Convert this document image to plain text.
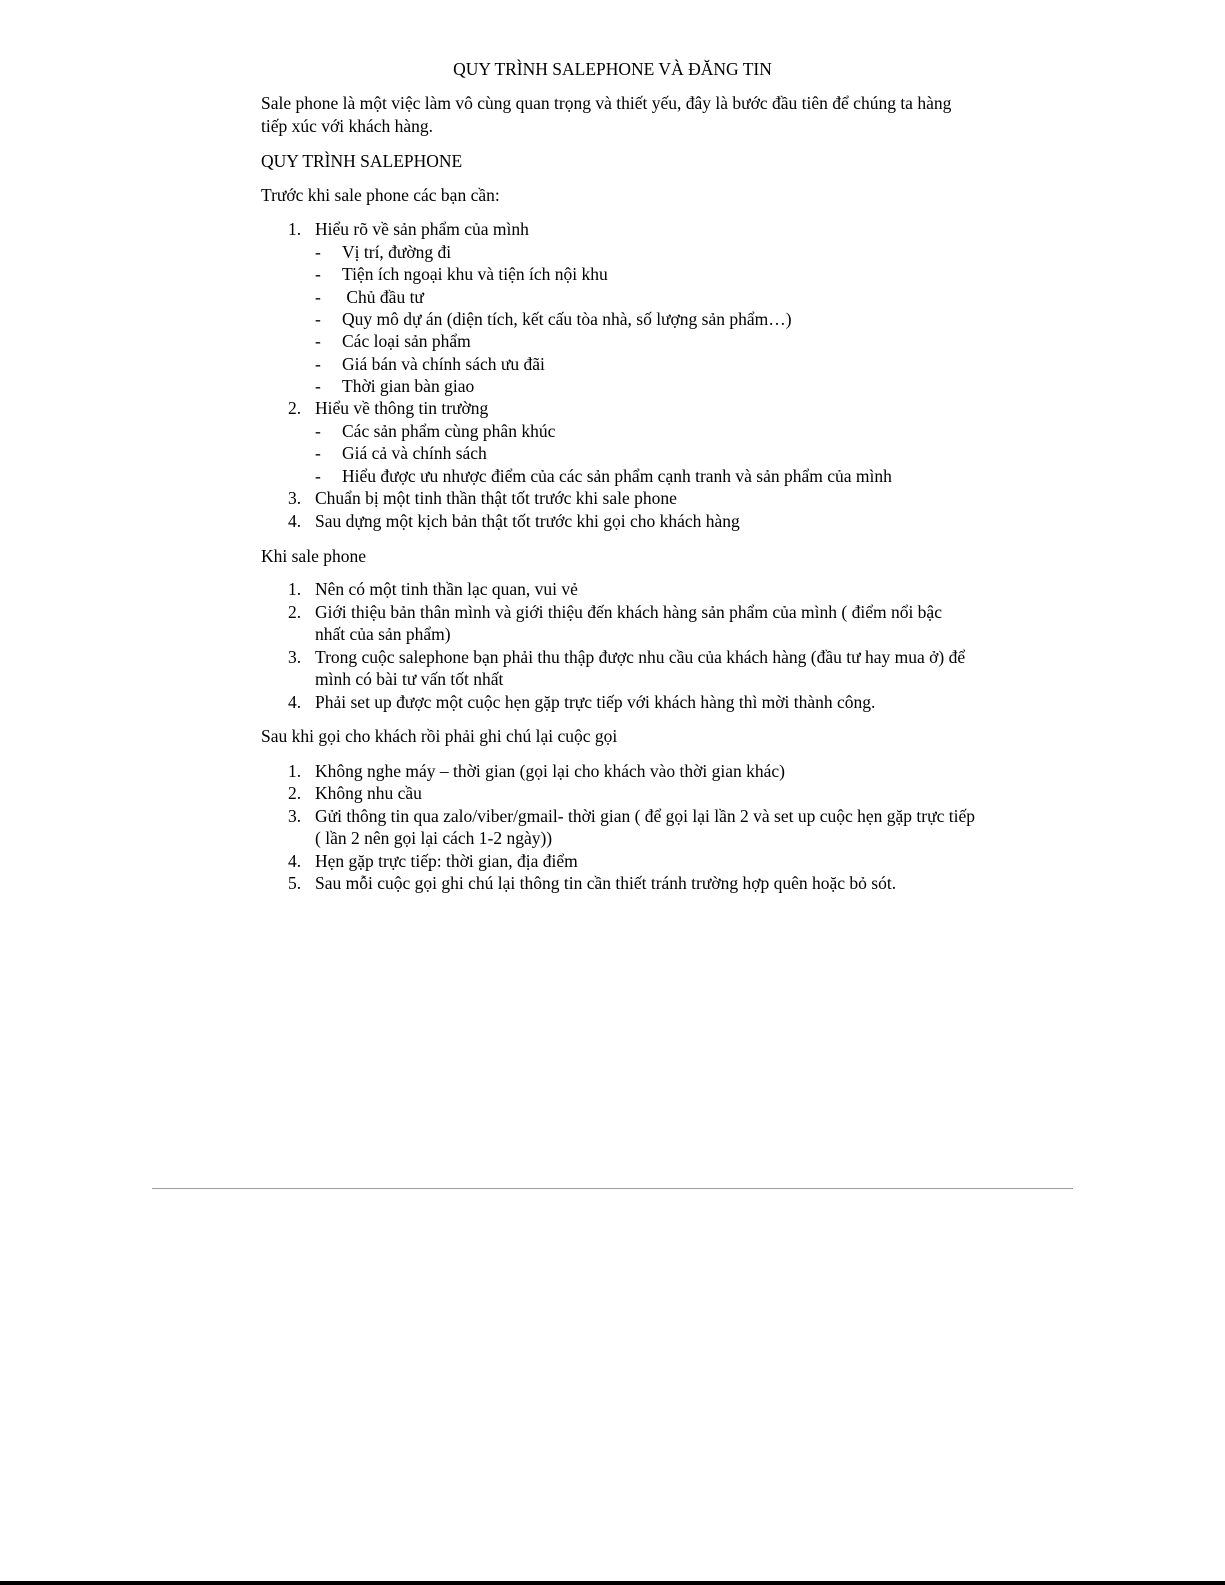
QUY TRÌNH SALEPHONE VÀ ĐĂNG TIN
Sale phone là một việc làm vô cùng quan trọng và thiết yếu, đây là bước đầu tiên để chúng ta hàng tiếp xúc với khách hàng.
QUY TRÌNH SALEPHONE
Trước khi sale phone các bạn cần:
1. Hiểu rõ về sản phẩm của mình
- Vị trí, đường đi
- Tiện ích ngoại khu và tiện ích nội khu
- Chủ đầu tư
- Quy mô dự án (diện tích, kết cấu tòa nhà, số lượng sản phẩm…)
- Các loại sản phẩm
- Giá bán và chính sách ưu đãi
- Thời gian bàn giao
2. Hiểu về thông tin trường
- Các sản phẩm cùng phân khúc
- Giá cả và chính sách
- Hiểu được ưu nhược điểm của các sản phẩm cạnh tranh và sản phẩm của mình
3. Chuẩn bị một tinh thần thật tốt trước khi sale phone
4. Sau dựng một kịch bản thật tốt trước khi gọi cho khách hàng
Khi sale phone
1. Nên có một tinh thần lạc quan, vui vẻ
2. Giới thiệu bản thân mình và giới thiệu đến khách hàng sản phẩm của mình ( điểm nổi bậc nhất của sản phẩm)
3. Trong cuộc salephone bạn phải thu thập được nhu cầu của khách hàng (đầu tư hay mua ở) để mình có bài tư vấn tốt nhất
4. Phải set up được một cuộc hẹn gặp trực tiếp với khách hàng thì mời thành công.
Sau khi gọi cho khách rồi phải ghi chú lại cuộc gọi
1. Không nghe máy – thời gian (gọi lại cho khách vào thời gian khác)
2. Không nhu cầu
3. Gửi thông tin qua zalo/viber/gmail- thời gian ( để gọi lại lần 2 và set up cuộc hẹn gặp trực tiếp ( lần 2 nên gọi lại cách 1-2 ngày))
4. Hẹn gặp trực tiếp: thời gian, địa điểm
5. Sau mỗi cuộc gọi ghi chú lại thông tin cần thiết tránh trường hợp quên hoặc bỏ sót.
